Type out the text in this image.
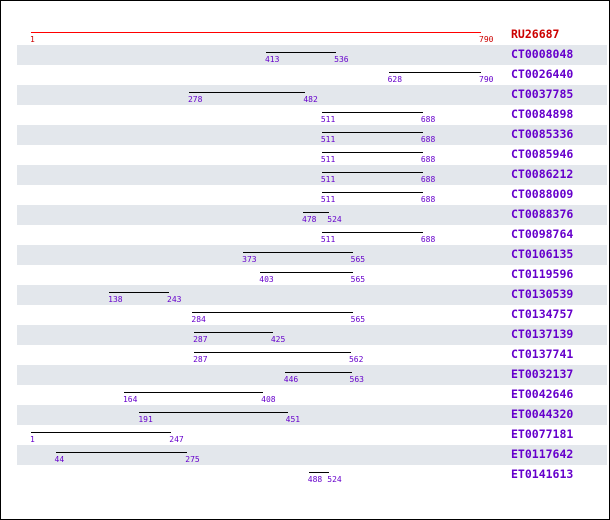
1	790 RU26687
413	536	CT0008048
628	790 CT0026440
278	482	CT0037785
511	688	CT0084898
511	688	CT0085336
511	688	CT0085946
511	688	CT0086212
511	688	CT0088009
478 524	CT0088376
511	688	CT0098764
373	565	CT0106135
403	565	CT0119596
138	243	CT0130539
284	565	CT0134757
287	425	CT0137139
287	562	CT0137741
446	563	ET0032137
164	408	ET0042646
191	451	ET0044320
1	247	ET0077181
44	275	ET0117642
488 524	ET0141613
